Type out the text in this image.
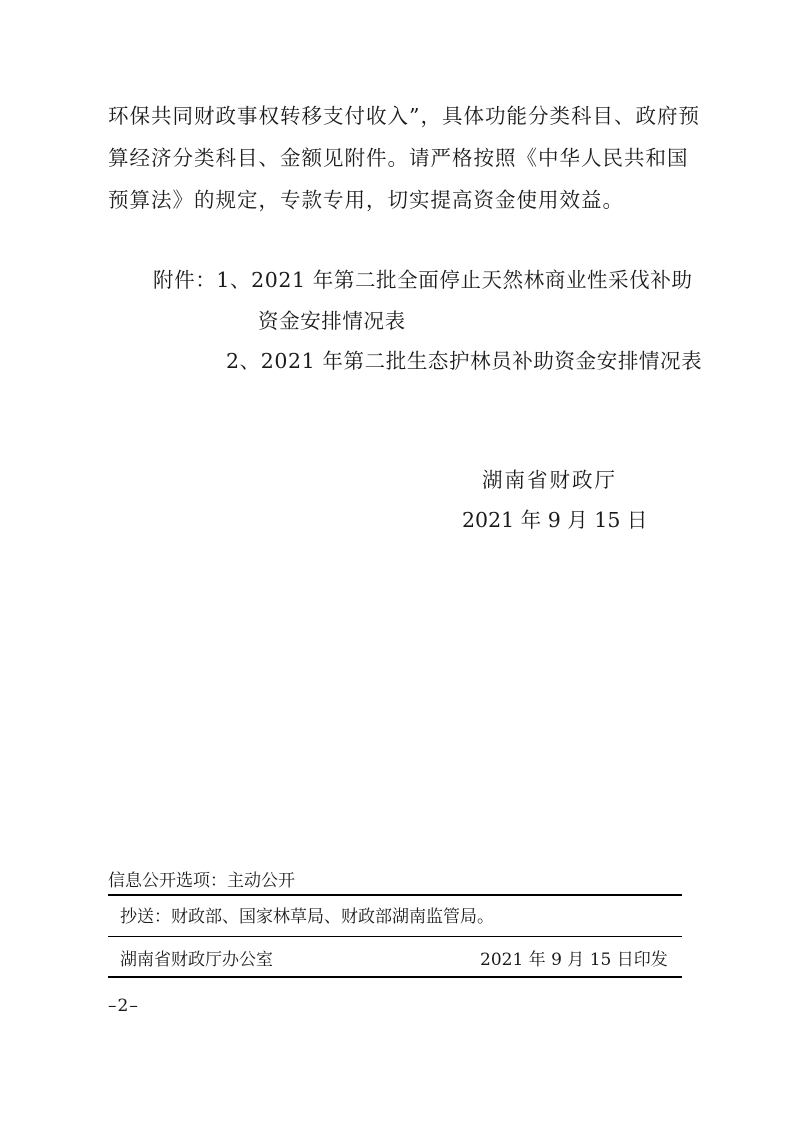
环保共同财政事权转移支付收入”，具体功能分类科目、政府预
算经济分类科目、金额见附件。请严格按照《中华人民共和国
预算法》的规定，专款专用，切实提高资金使用效益。
附件：1、2021 年第二批全面停止天然林商业性采伐补助
资金安排情况表
2、2021 年第二批生态护林员补助资金安排情况表
湖南省财政厅
2021 年 9 月 15 日
信息公开选项：主动公开
抄送：财政部、国家林草局、财政部湖南监管局。
湖南省财政厅办公室	2021 年 9 月 15 日印发
–2–
